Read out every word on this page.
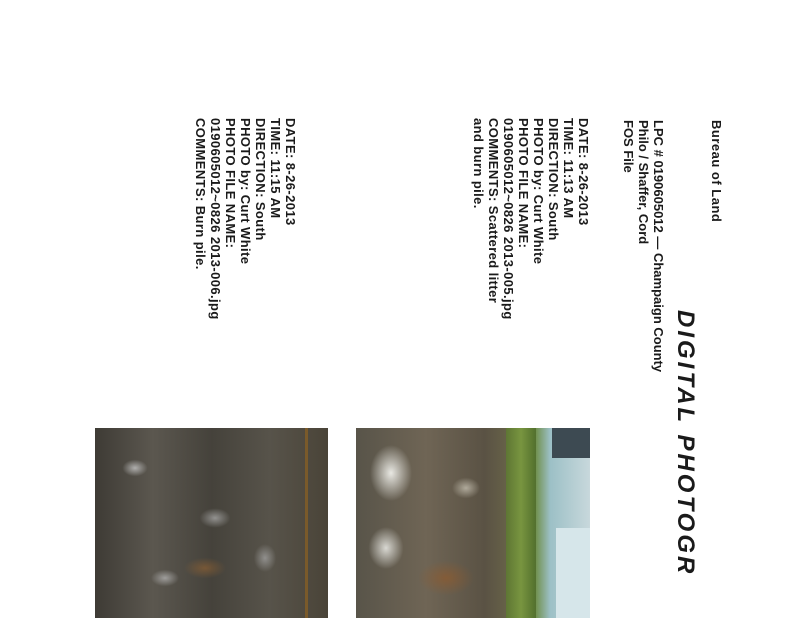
Bureau of Land
DIGITAL PHOTOGR
LPC # 0190605012 — Champaign County
Philo / Shaffer, Cord
FOS File
DATE: 8-26-2013
TIME: 11:13 AM
DIRECTION: South
PHOTO by: Curt White
PHOTO FILE NAME:
0190605012~0826 2013-005.jpg
COMMENTS: Scattered litter
and burn pile.
DATE: 8-26-2013
TIME: 11:15 AM
DIRECTION: South
PHOTO by: Curt White
PHOTO FILE NAME:
0190605012~0826 2013-006.jpg
COMMENTS: Burn pile.
